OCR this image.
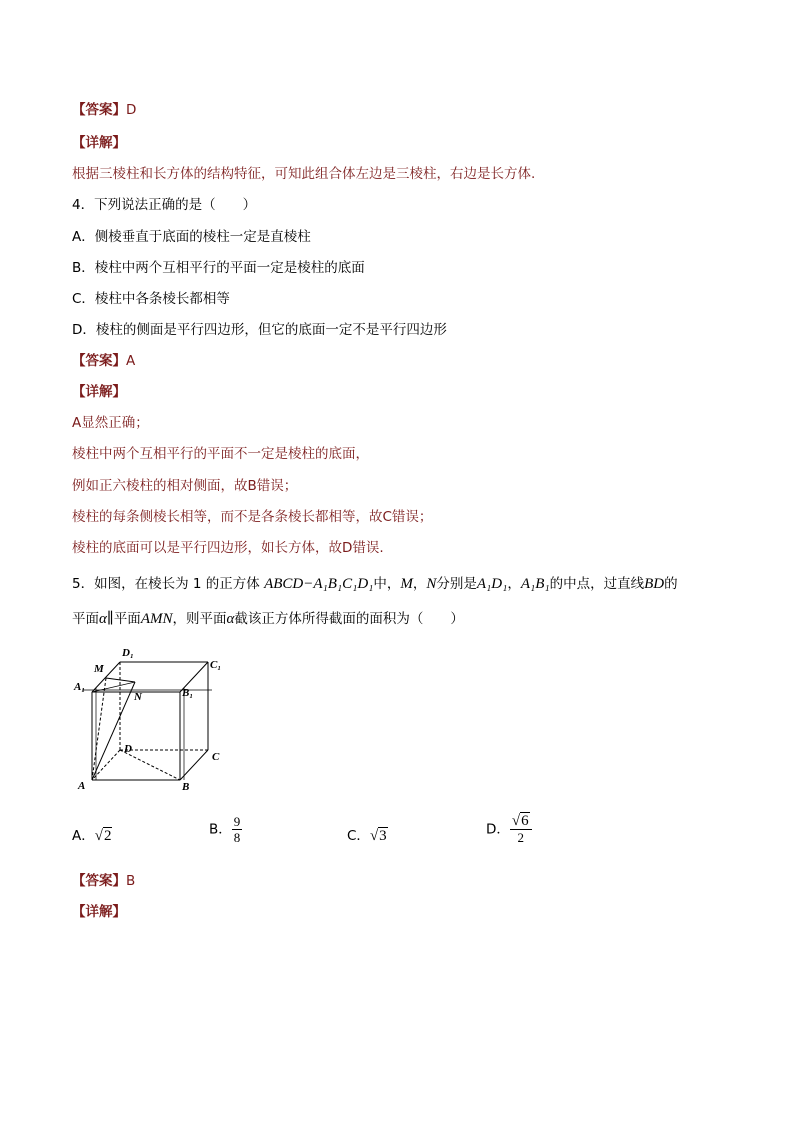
【答案】D
【详解】
根据三棱柱和长方体的结构特征，可知此组合体左边是三棱柱，右边是长方体.
4．下列说法正确的是（　　）
A．侧棱垂直于底面的棱柱一定是直棱柱
B．棱柱中两个互相平行的平面一定是棱柱的底面
C．棱柱中各条棱长都相等
D．棱柱的侧面是平行四边形，但它的底面一定不是平行四边形
【答案】A
【详解】
A显然正确；
棱柱中两个互相平行的平面不一定是棱柱的底面，
例如正六棱柱的相对侧面，故B错误；
棱柱的每条侧棱长相等，而不是各条棱长都相等，故C错误；
棱柱的底面可以是平行四边形，如长方体，故D错误.
5．如图，在棱长为 1 的正方体 ABCD−A₁B₁C₁D₁中，M，N分别是A₁D₁，A₁B₁的中点，过直线BD的
平面α∥平面AMN，则平面α截该正方体所得截面的面积为（　　）
D₁
C₁
M
A₁
N	B₁
D
C
A	B
A．√2	B． $\frac{9}{8}$	C．√3	D． $\frac{√6}{2}$
【答案】B
【详解】
